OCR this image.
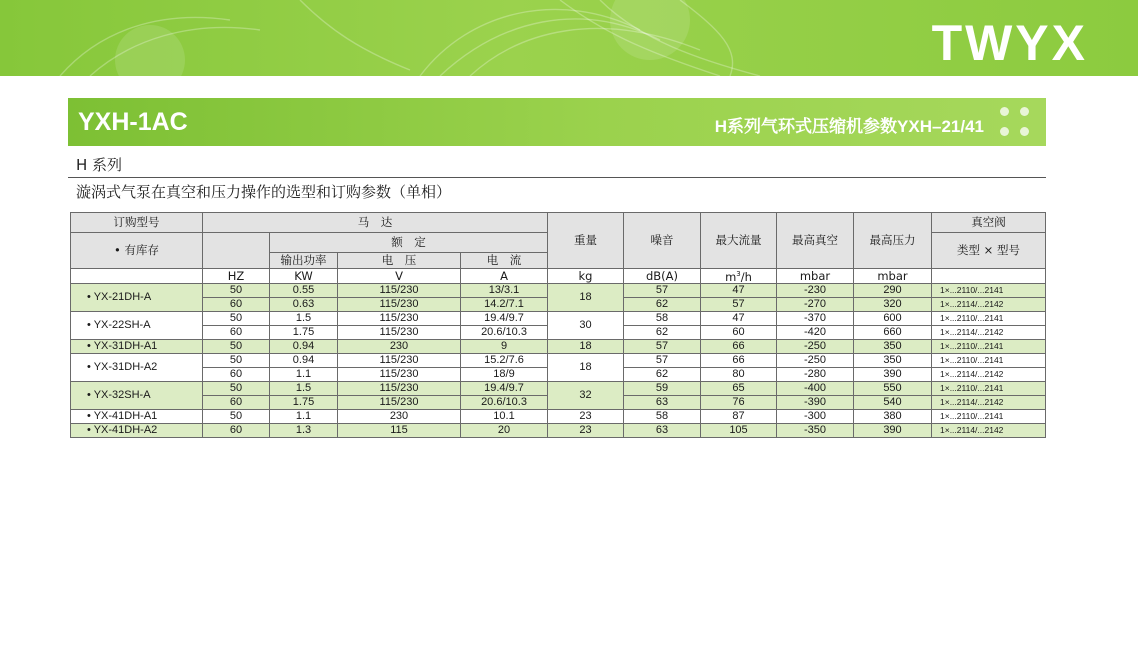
TWYX
YXH-1AC	H系列气环式压缩机参数YXH–21/41
H 系列
漩涡式气泵在真空和压力操作的选型和订购参数（单相）
订购型号	马　达				重量	噪音	最大流量	最高真空	最高压力	真空阀
• 有库存		额　定								类型 × 型号
		输出功率	电　压	电　流						
	HZ	KW	V	A	kg	dB(A)	$m^3/h$	mbar	mbar	
• YX-21DH-A	50	0.55	115/230	13/3.1	18	57	47	-230	290	1×...2110/...2141
	60	0.63	115/230	14.2/7.1		62	57	-270	320	1×...2114/...2142
• YX-22SH-A	50	1.5	115/230	19.4/9.7	30	58	47	-370	600	1×...2110/...2141
	60	1.75	115/230	20.6/10.3		62	60	-420	660	1×...2114/...2142
• YX-31DH-A1	50	0.94	230	9	18	57	66	-250	350	1×...2110/...2141
• YX-31DH-A2	50	0.94	115/230	15.2/7.6	18	57	66	-250	350	1×...2110/...2141
	60	1.1	115/230	18/9		62	80	-280	390	1×...2114/...2142
• YX-32SH-A	50	1.5	115/230	19.4/9.7	32	59	65	-400	550	1×...2110/...2141
	60	1.75	115/230	20.6/10.3		63	76	-390	540	1×...2114/...2142
• YX-41DH-A1	50	1.1	230	10.1	23	58	87	-300	380	1×...2110/...2141
• YX-41DH-A2	60	1.3	115	20	23	63	105	-350	390	1×...2114/...2142
